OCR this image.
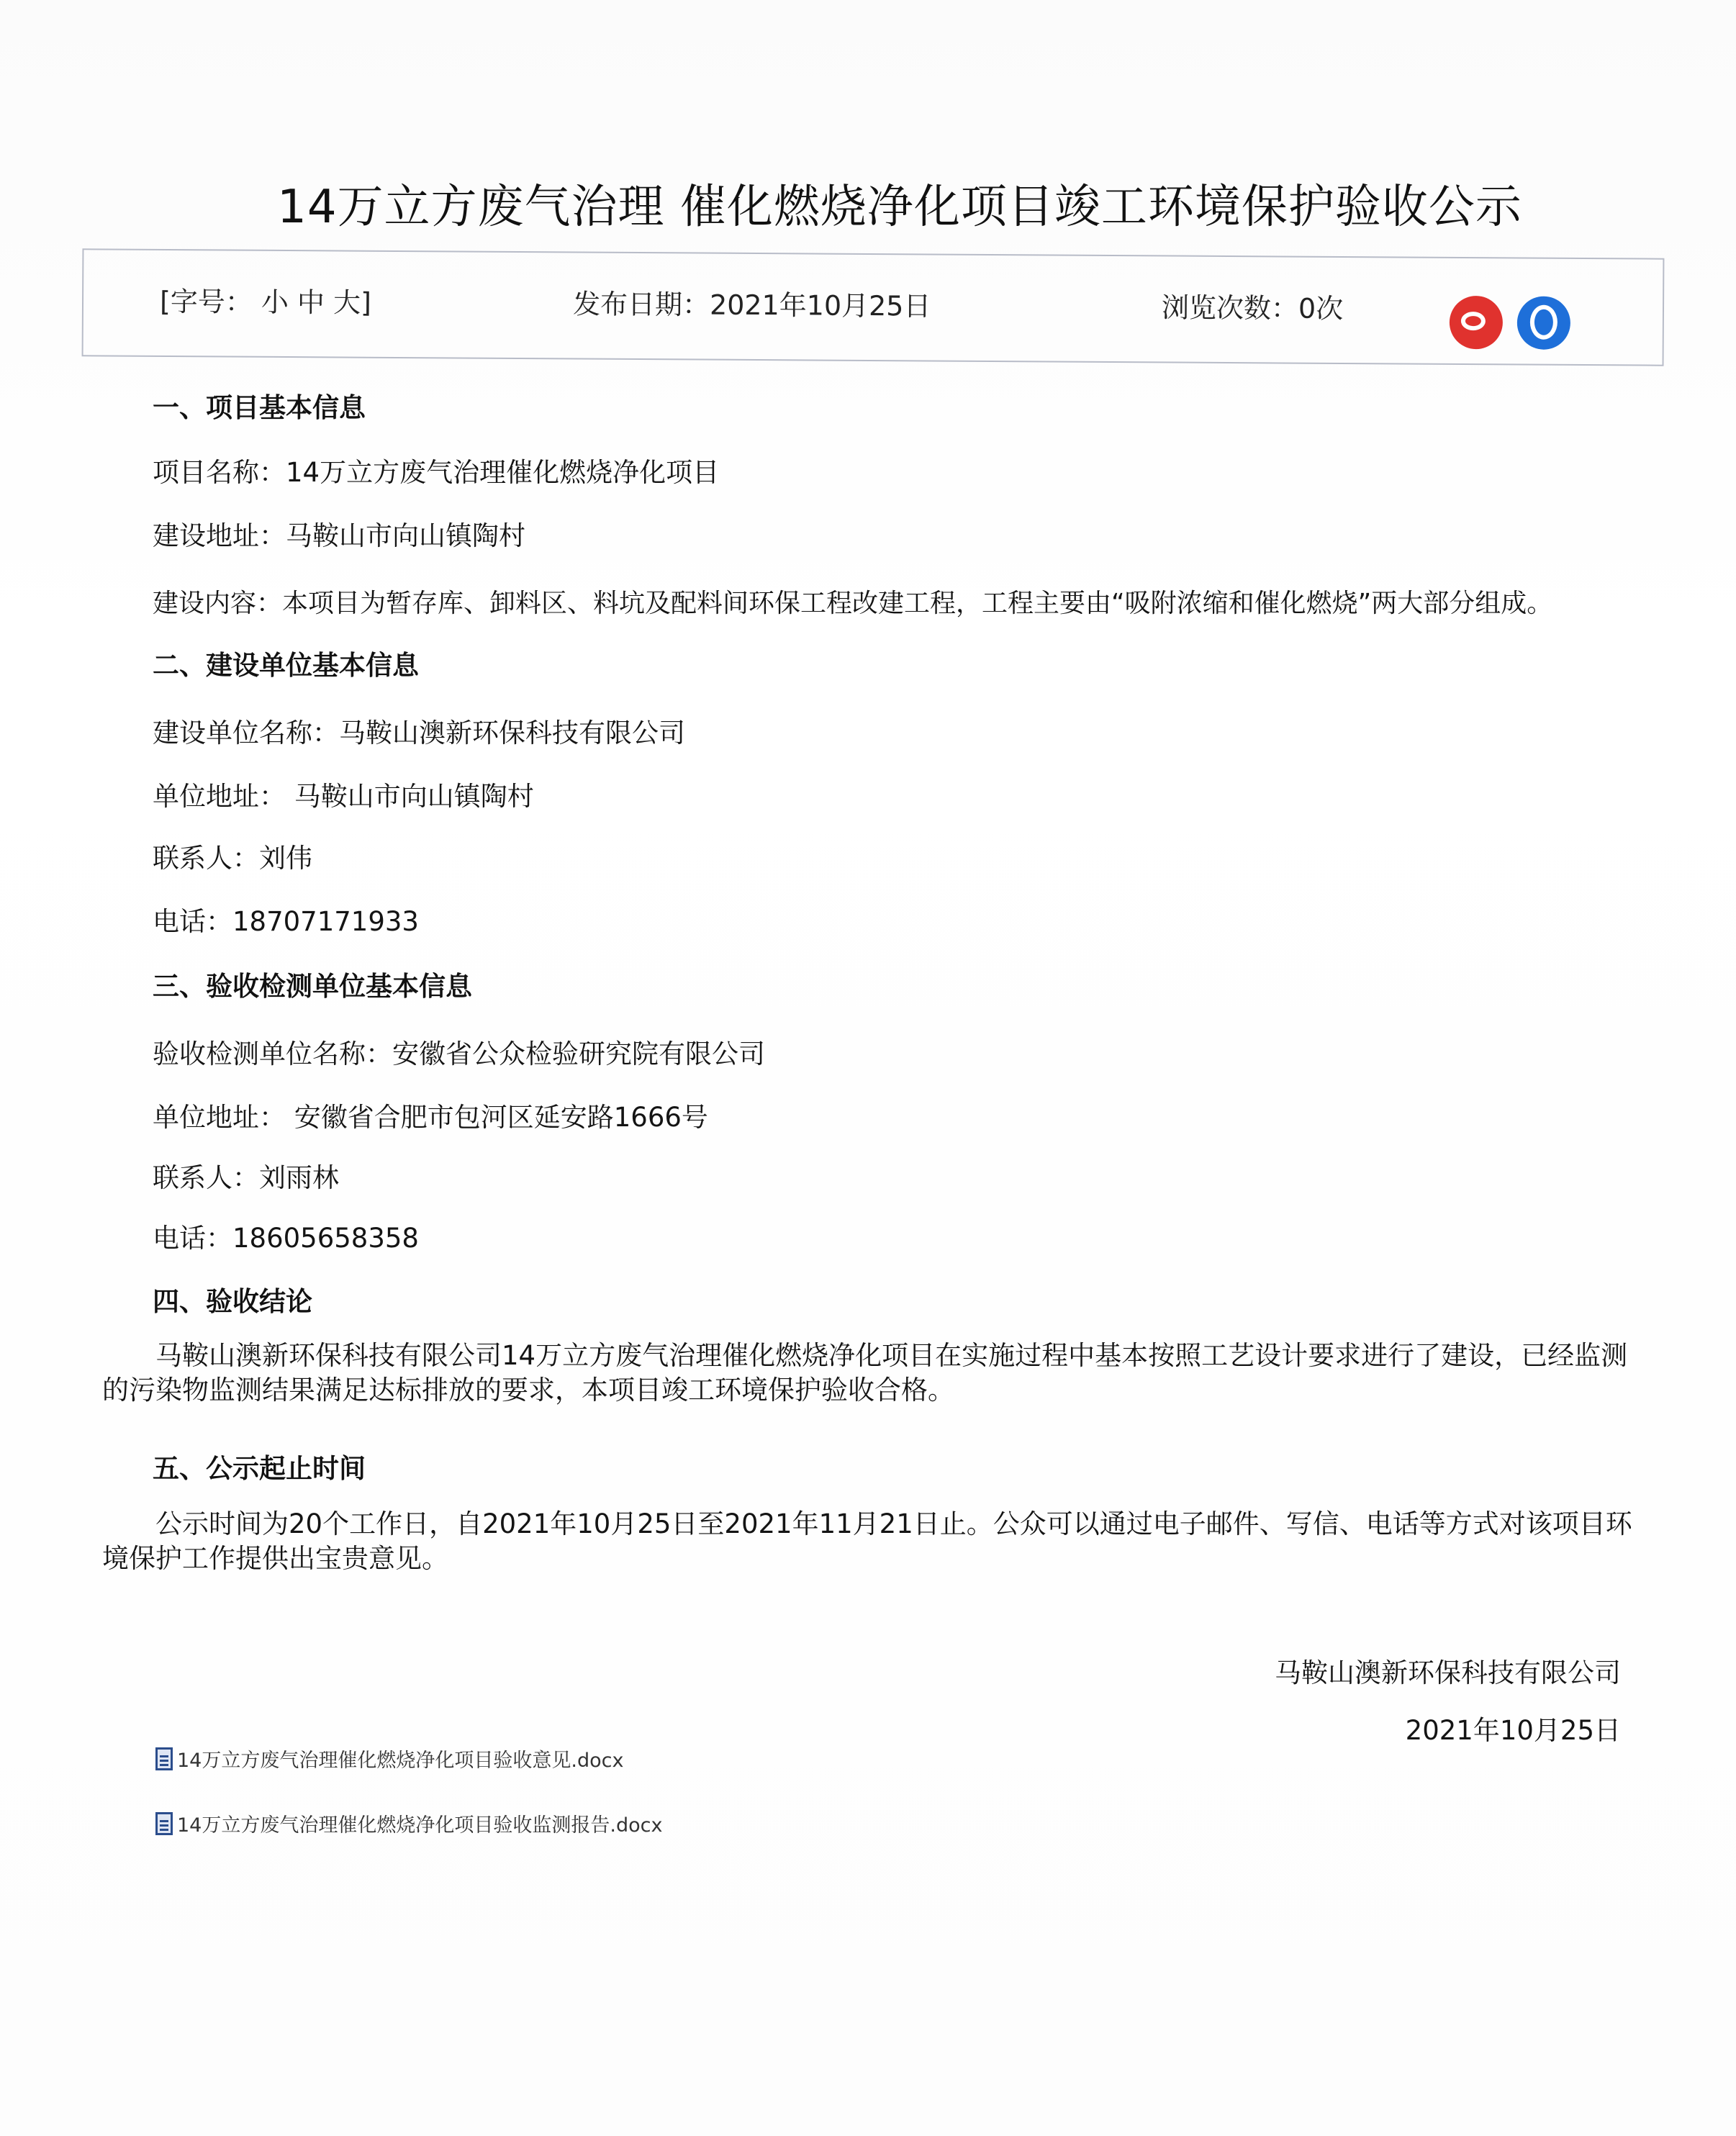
14万立方废气治理 催化燃烧净化项目竣工环境保护验收公示
[字号： 小 中 大]	发布日期：2021年10月25日	浏览次数：0次
一、项目基本信息
项目名称：14万立方废气治理催化燃烧净化项目
建设地址：马鞍山市向山镇陶村
建设内容：本项目为暂存库、卸料区、料坑及配料间环保工程改建工程，工程主要由“吸附浓缩和催化燃烧”两大部分组成。
二、建设单位基本信息
建设单位名称：马鞍山澳新环保科技有限公司
单位地址： 马鞍山市向山镇陶村
联系人：刘伟
电话：18707171933
三、验收检测单位基本信息
验收检测单位名称：安徽省公众检验研究院有限公司
单位地址： 安徽省合肥市包河区延安路1666号
联系人：刘雨林
电话：18605658358
四、验收结论
马鞍山澳新环保科技有限公司14万立方废气治理催化燃烧净化项目在实施过程中基本按照工艺设计要求进行了建设，已经监测的污染物监测结果满足达标排放的要求，本项目竣工环境保护验收合格。
五、公示起止时间
公示时间为20个工作日，自2021年10月25日至2021年11月21日止。公众可以通过电子邮件、写信、电话等方式对该项目环境保护工作提供出宝贵意见。
马鞍山澳新环保科技有限公司
2021年10月25日
14万立方废气治理催化燃烧净化项目验收意见.docx
14万立方废气治理催化燃烧净化项目验收监测报告.docx
